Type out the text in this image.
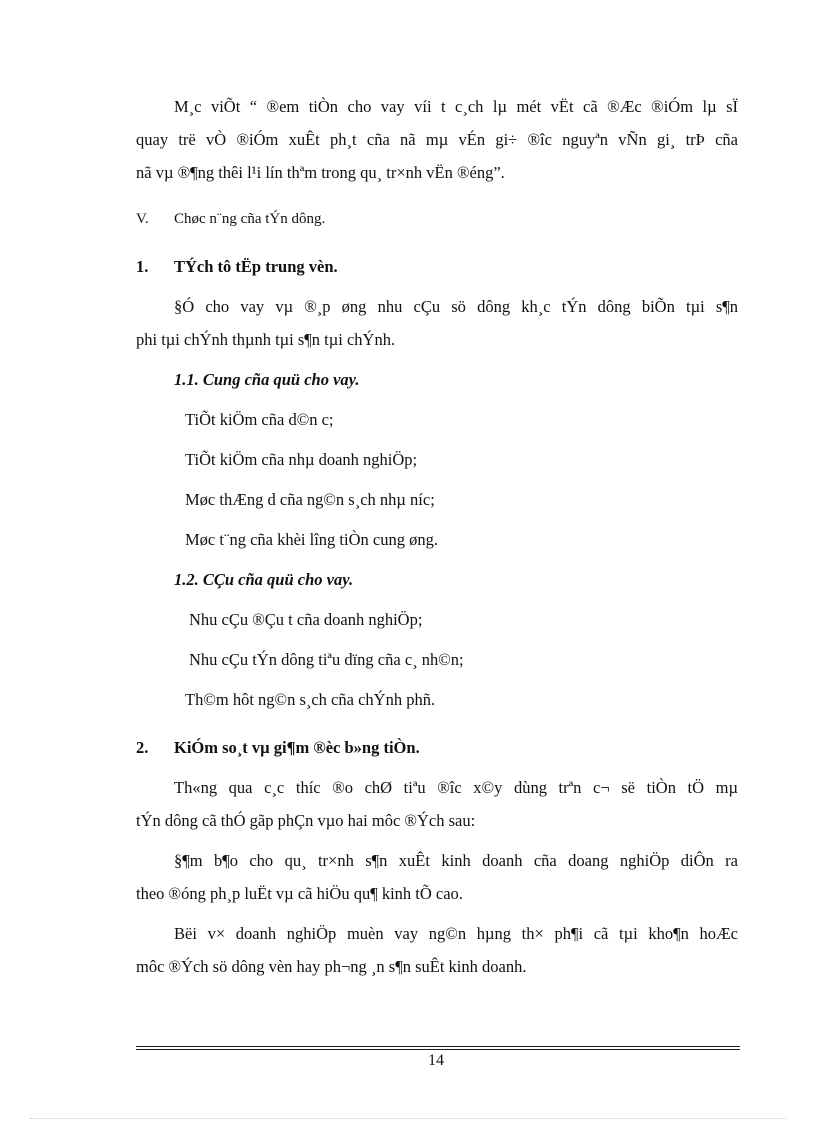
M¸c viÕt “ ®em tiÒn cho vay víi t c¸ch lµ mét vËt cã ®Æc ®iÓm lµ sÏ

quay trë vÒ ®iÓm xuÊt ph¸t cña nã mµ vÉn gi÷ ®îc nguyªn vÑn gi¸ trÞ cña

nã vµ ®¶ng thêi l¹i lín thªm trong qu¸ tr×nh vËn ®éng”.

V. Chøc n¨ng cña tÝn dông.
1. TÝch tô tËp trung vèn.

§Ó cho vay vµ ®¸p øng nhu cÇu sö dông kh¸c tÝn dông biÕn tµi s¶n

phi tµi chÝnh thµnh tµi s¶n tµi chÝnh.

1.1. Cung cña quü cho vay.

TiÕt kiÖm cña d©n c;

TiÕt kiÖm cña nhµ doanh nghiÖp;

Møc thÆng d cña ng©n s¸ch nhµ níc;

Møc t¨ng cña khèi lîng tiÒn cung øng.

1.2. CÇu cña quü cho vay.

Nhu cÇu ®Çu t cña doanh nghiÖp;

Nhu cÇu tÝn dông tiªu dïng cña c¸ nh©n;

Th©m hôt ng©n s¸ch cña chÝnh phñ.

2. KiÓm so¸t vµ gi¶m ®èc b»ng tiÒn.

Th«ng qua c¸c thíc ®o chØ tiªu ®îc x©y dùng trªn c¬ së tiÒn tÖ mµ

tÝn dông cã thÓ gãp phÇn vµo hai môc ®Ých sau:

§¶m b¶o cho qu¸ tr×nh s¶n xuÊt kinh doanh cña doang nghiÖp diÔn ra

theo ®óng ph¸p luËt vµ cã hiÖu qu¶ kinh tÕ cao.

Bëi v× doanh nghiÖp muèn vay ng©n hµng th× ph¶i cã tµi kho¶n hoÆc

môc ®Ých sö dông vèn hay ph¬ng ¸n s¶n suÊt kinh doanh.

14
